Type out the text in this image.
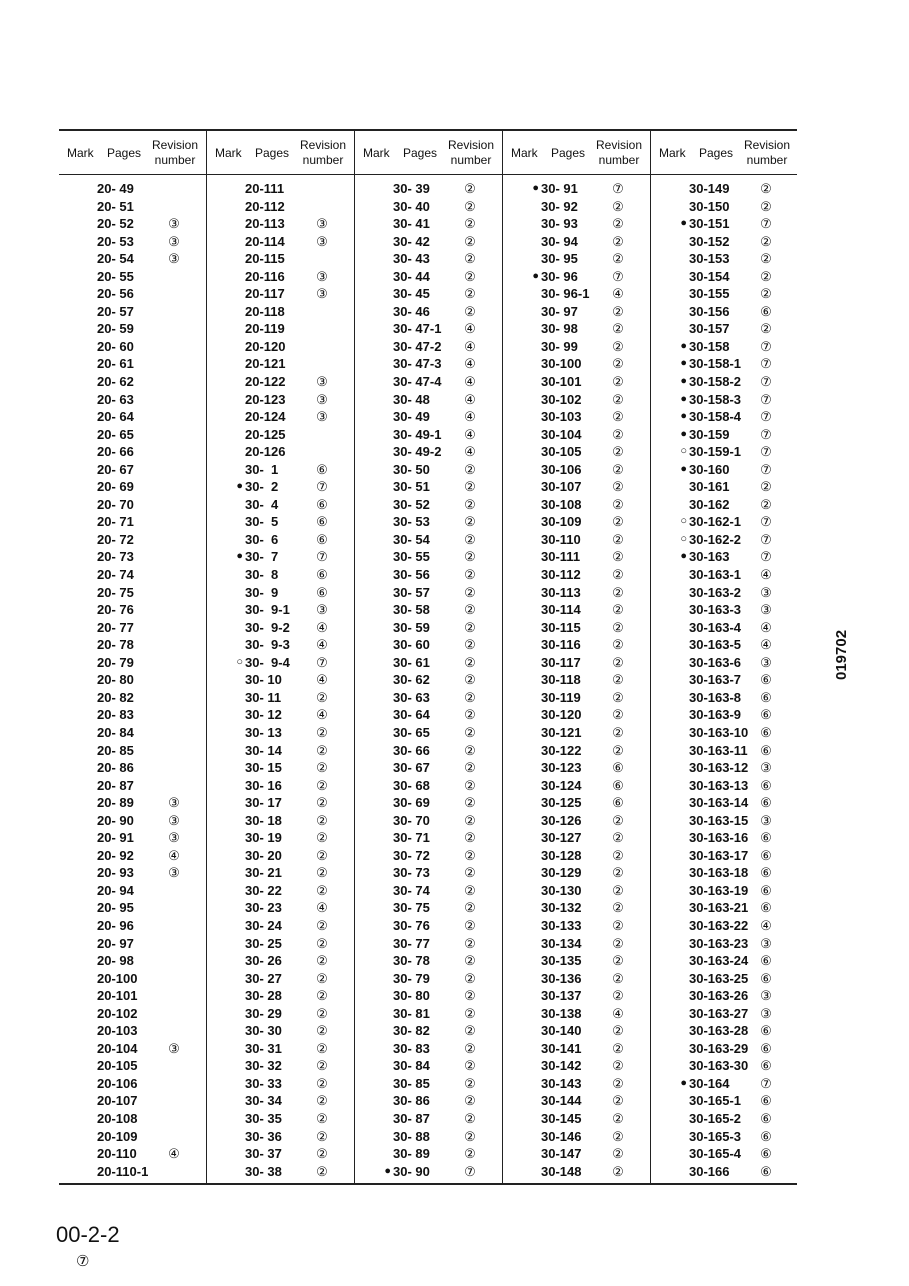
Mark Pages
Revision
number
20- 49
20- 51
20- 52	③
20- 53	③
20- 54	③
20- 55
20- 56
20- 57
20- 59
20- 60
20- 61
20- 62
20- 63
20- 64
20- 65
20- 66
20- 67
20- 69
20- 70
20- 71
20- 72
20- 73
20- 74
20- 75
20- 76
20- 77
20- 78
20- 79
20- 80
20- 82
20- 83
20- 84
20- 85
20- 86
20- 87
20- 89	③
20- 90	③
20- 91	③
20- 92	④
20- 93	③
20- 94
20- 95
20- 96
20- 97
20- 98
20-100
20-101
20-102
20-103
20-104	③
20-105
20-106
20-107
20-108
20-109
20-110	④
20-110-1
Mark Pages
Revision
number
20-111
20-112
20-113	③
20-114	③
20-115
20-116	③
20-117	③
20-118
20-119
20-120
20-121
20-122	③
20-123	③
20-124	③
20-125
20-126
30-  1	⑥
● 30-  2	⑦
30-  4	⑥
30-  5	⑥
30-  6	⑥
● 30-  7	⑦
30-  8	⑥
30-  9	⑥
30-  9-1	③
30-  9-2	④
30-  9-3	④
○ 30-  9-4	⑦
30- 10	④
30- 11	②
30- 12	④
30- 13	②
30- 14	②
30- 15	②
30- 16	②
30- 17	②
30- 18	②
30- 19	②
30- 20	②
30- 21	②
30- 22	②
30- 23	④
30- 24	②
30- 25	②
30- 26	②
30- 27	②
30- 28	②
30- 29	②
30- 30	②
30- 31	②
30- 32	②
30- 33	②
30- 34	②
30- 35	②
30- 36	②
30- 37	②
30- 38	②
Mark Pages
Revision
number
30- 39	②
30- 40	②
30- 41	②
30- 42	②
30- 43	②
30- 44	②
30- 45	②
30- 46	②
30- 47-1	④
30- 47-2	④
30- 47-3	④
30- 47-4	④
30- 48	④
30- 49	④
30- 49-1	④
30- 49-2	④
30- 50	②
30- 51	②
30- 52	②
30- 53	②
30- 54	②
30- 55	②
30- 56	②
30- 57	②
30- 58	②
30- 59	②
30- 60	②
30- 61	②
30- 62	②
30- 63	②
30- 64	②
30- 65	②
30- 66	②
30- 67	②
30- 68	②
30- 69	②
30- 70	②
30- 71	②
30- 72	②
30- 73	②
30- 74	②
30- 75	②
30- 76	②
30- 77	②
30- 78	②
30- 79	②
30- 80	②
30- 81	②
30- 82	②
30- 83	②
30- 84	②
30- 85	②
30- 86	②
30- 87	②
30- 88	②
30- 89	②
● 30- 90	⑦
Mark Pages
Revision
number
● 30- 91	⑦
30- 92	②
30- 93	②
30- 94	②
30- 95	②
● 30- 96	⑦
30- 96-1	④
30- 97	②
30- 98	②
30- 99	②
30-100	②
30-101	②
30-102	②
30-103	②
30-104	②
30-105	②
30-106	②
30-107	②
30-108	②
30-109	②
30-110	②
30-111	②
30-112	②
30-113	②
30-114	②
30-115	②
30-116	②
30-117	②
30-118	②
30-119	②
30-120	②
30-121	②
30-122	②
30-123	⑥
30-124	⑥
30-125	⑥
30-126	②
30-127	②
30-128	②
30-129	②
30-130	②
30-132	②
30-133	②
30-134	②
30-135	②
30-136	②
30-137	②
30-138	④
30-140	②
30-141	②
30-142	②
30-143	②
30-144	②
30-145	②
30-146	②
30-147	②
30-148	②
Mark Pages
Revision
number
30-149	②
30-150	②
● 30-151	⑦
30-152	②
30-153	②
30-154	②
30-155	②
30-156	⑥
30-157	②
● 30-158	⑦
● 30-158-1	⑦
● 30-158-2	⑦
● 30-158-3	⑦
● 30-158-4	⑦
● 30-159	⑦
○ 30-159-1	⑦
● 30-160	⑦
30-161	②
30-162	②
○ 30-162-1	⑦
○ 30-162-2	⑦
● 30-163	⑦
30-163-1	④
30-163-2	③
30-163-3	③
30-163-4	④
30-163-5	④
30-163-6	③
30-163-7	⑥
30-163-8	⑥
30-163-9	⑥
30-163-10 ⑥
30-163-11 ⑥
30-163-12 ③
30-163-13 ⑥
30-163-14 ⑥
30-163-15 ③
30-163-16 ⑥
30-163-17 ⑥
30-163-18 ⑥
30-163-19 ⑥
30-163-21 ⑥
30-163-22 ④
30-163-23 ③
30-163-24 ⑥
30-163-25 ⑥
30-163-26 ③
30-163-27 ③
30-163-28 ⑥
30-163-29 ⑥
30-163-30 ⑥
● 30-164	⑦
30-165-1	⑥
30-165-2	⑥
30-165-3	⑥
30-165-4	⑥
30-166	⑥
00-2-2
⑦
019702
